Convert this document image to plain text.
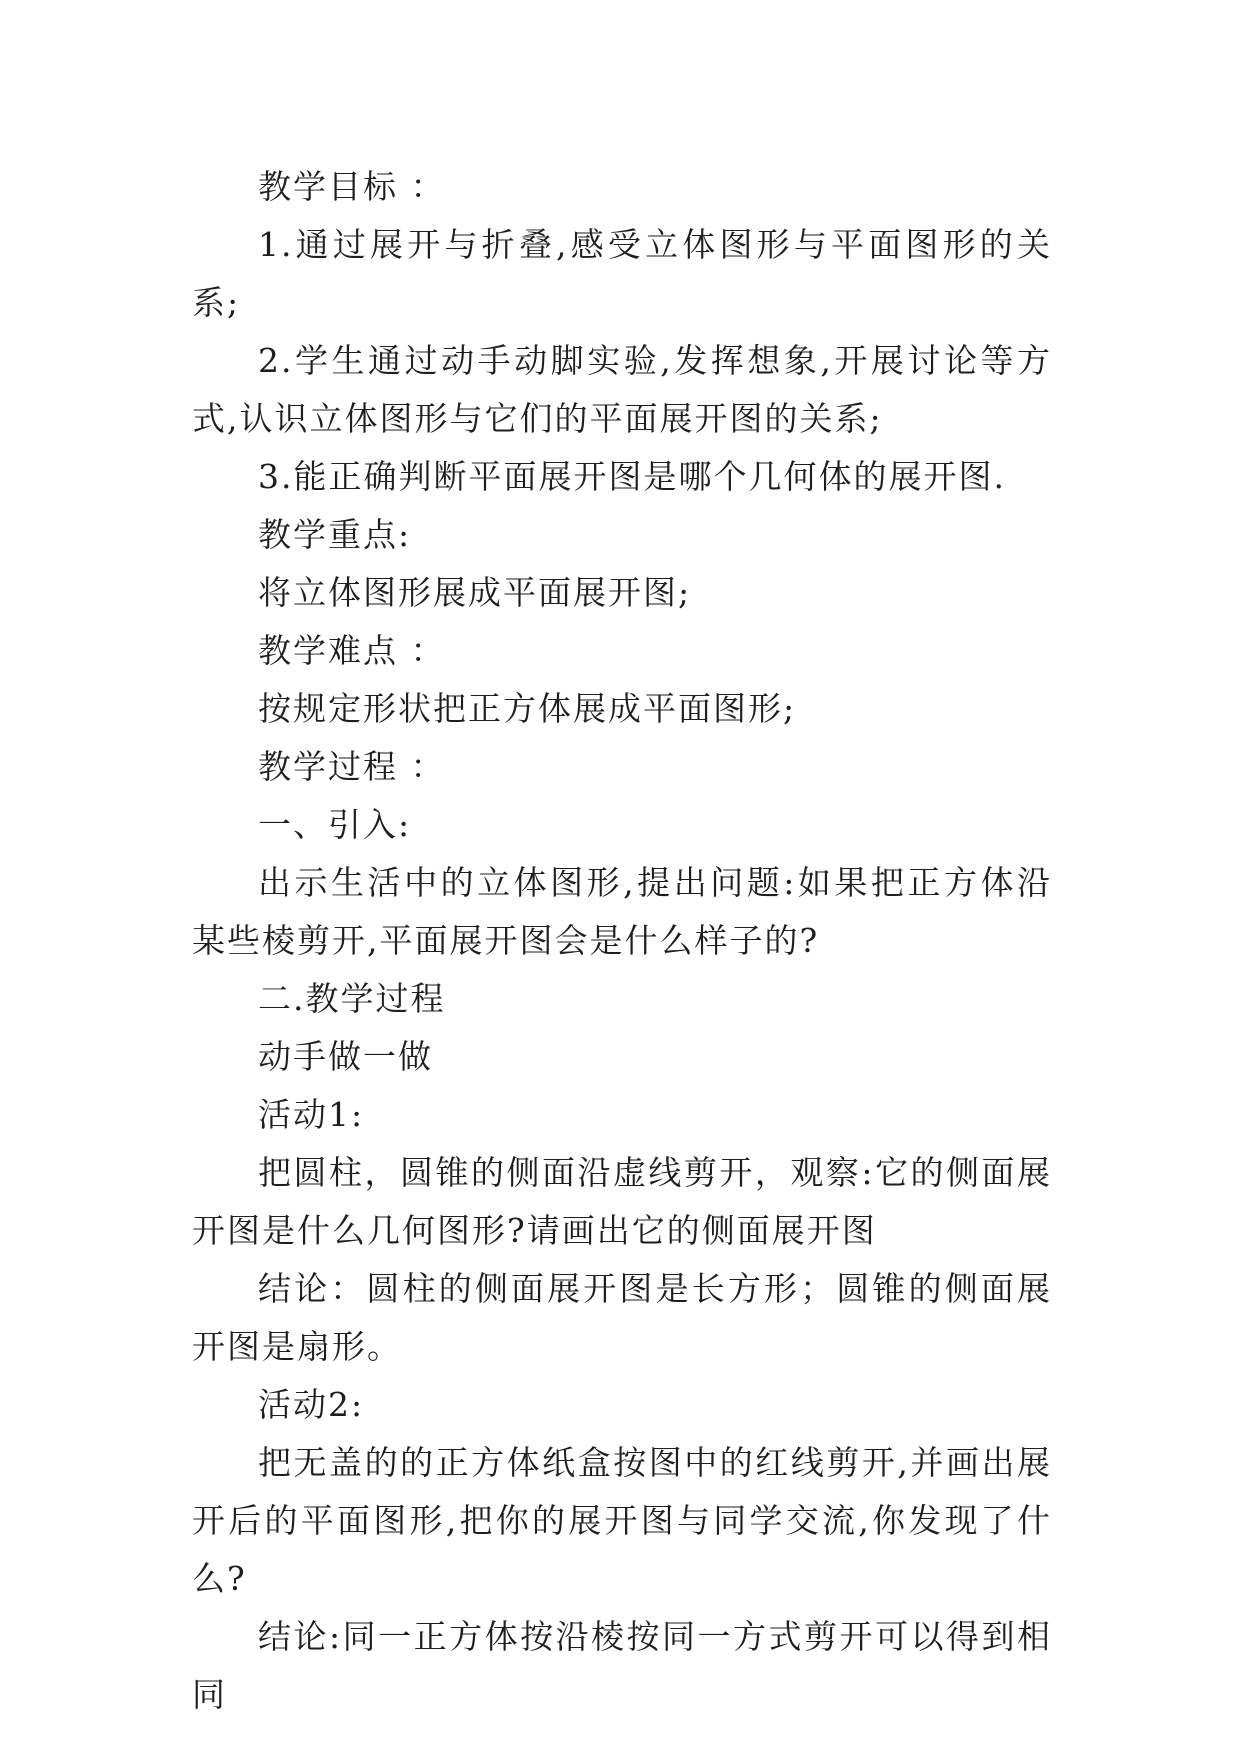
教学目标 ：

1.通过展开与折叠,感受立体图形与平面图形的关系;

2.学生通过动手动脚实验,发挥想象,开展讨论等方式,认识立体图形与它们的平面展开图的关系;

3.能正确判断平面展开图是哪个几何体的展开图.

教学重点:

将立体图形展成平面展开图;

教学难点 ：

按规定形状把正方体展成平面图形;

教学过程 ：

一、引入:

出示生活中的立体图形,提出问题:如果把正方体沿某些棱剪开,平面展开图会是什么样子的?

二.教学过程

动手做一做

活动1:

把圆柱，圆锥的侧面沿虚线剪开，观察:它的侧面展开图是什么几何图形?请画出它的侧面展开图

结论：圆柱的侧面展开图是长方形；圆锥的侧面展开图是扇形。

活动2:

把无盖的的正方体纸盒按图中的红线剪开,并画出展开后的平面图形,把你的展开图与同学交流,你发现了什么?

结论:同一正方体按沿棱按同一方式剪开可以得到相同
